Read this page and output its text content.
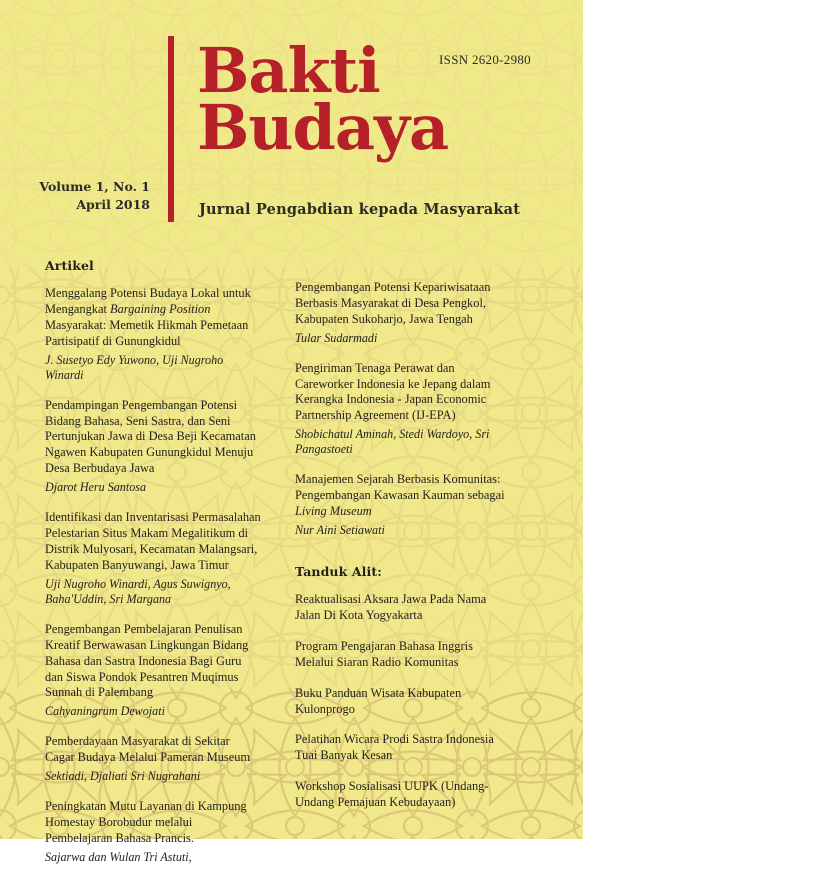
ISSN 2620-2980
Bakti
Budaya
Jurnal Pengabdian kepada Masyarakat
Volume 1, No. 1
April 2018
Artikel

Menggalang Potensi Budaya Lokal untuk Mengangkat Bargaining Position Masyarakat: Memetik Hikmah Pemetaan Partisipatif di Gunungkidul

J. Susetyo Edy Yuwono, Uji Nugroho Winardi

Pendampingan Pengembangan Potensi Bidang Bahasa, Seni Sastra, dan Seni Pertunjukan Jawa di Desa Beji Kecamatan Ngawen Kabupaten Gunungkidul Menuju Desa Berbudaya Jawa

Djarot Heru Santosa

Identifikasi dan Inventarisasi Permasalahan Pelestarian Situs Makam Megalitikum di Distrik Mulyosari, Kecamatan Malangsari, Kabupaten Banyuwangi, Jawa Timur

Uji Nugroho Winardi, Agus Suwignyo, Baha'Uddin, Sri Margana

Pengembangan Pembelajaran Penulisan Kreatif Berwawasan Lingkungan Bidang Bahasa dan Sastra Indonesia Bagi Guru dan Siswa Pondok Pesantren Muqimus Sunnah di Palembang

Cahyaningrum Dewojati

Pemberdayaan Masyarakat di Sekitar Cagar Budaya Melalui Pameran Museum

Sektiadi, Djaliati Sri Nugrahani

Peningkatan Mutu Layanan di Kampung Homestay Borobudur melalui Pembelajaran Bahasa Prancis.

Sajarwa dan Wulan Tri Astuti,

Pengembangan Potensi Kepariwisataan Berbasis Masyarakat di Desa Pengkol, Kabupaten Sukoharjo, Jawa Tengah

Tular Sudarmadi

Pengiriman Tenaga Perawat dan Careworker Indonesia ke Jepang dalam Kerangka Indonesia - Japan Economic Partnership Agreement (IJ-EPA)

Shobichatul Aminah, Stedi Wardoyo, Sri Pangastoeti

Manajemen Sejarah Berbasis Komunitas: Pengembangan Kawasan Kauman sebagai Living Museum

Nur Aini Setiawati

Tanduk Alit:

Reaktualisasi Aksara Jawa Pada Nama Jalan Di Kota Yogyakarta

Program Pengajaran Bahasa Inggris Melalui Siaran Radio Komunitas

Buku Panduan Wisata Kabupaten Kulonprogo

Pelatihan Wicara Prodi Sastra Indonesia Tuai Banyak Kesan

Workshop Sosialisasi UUPK (Undang-Undang Pemajuan Kebudayaan)
